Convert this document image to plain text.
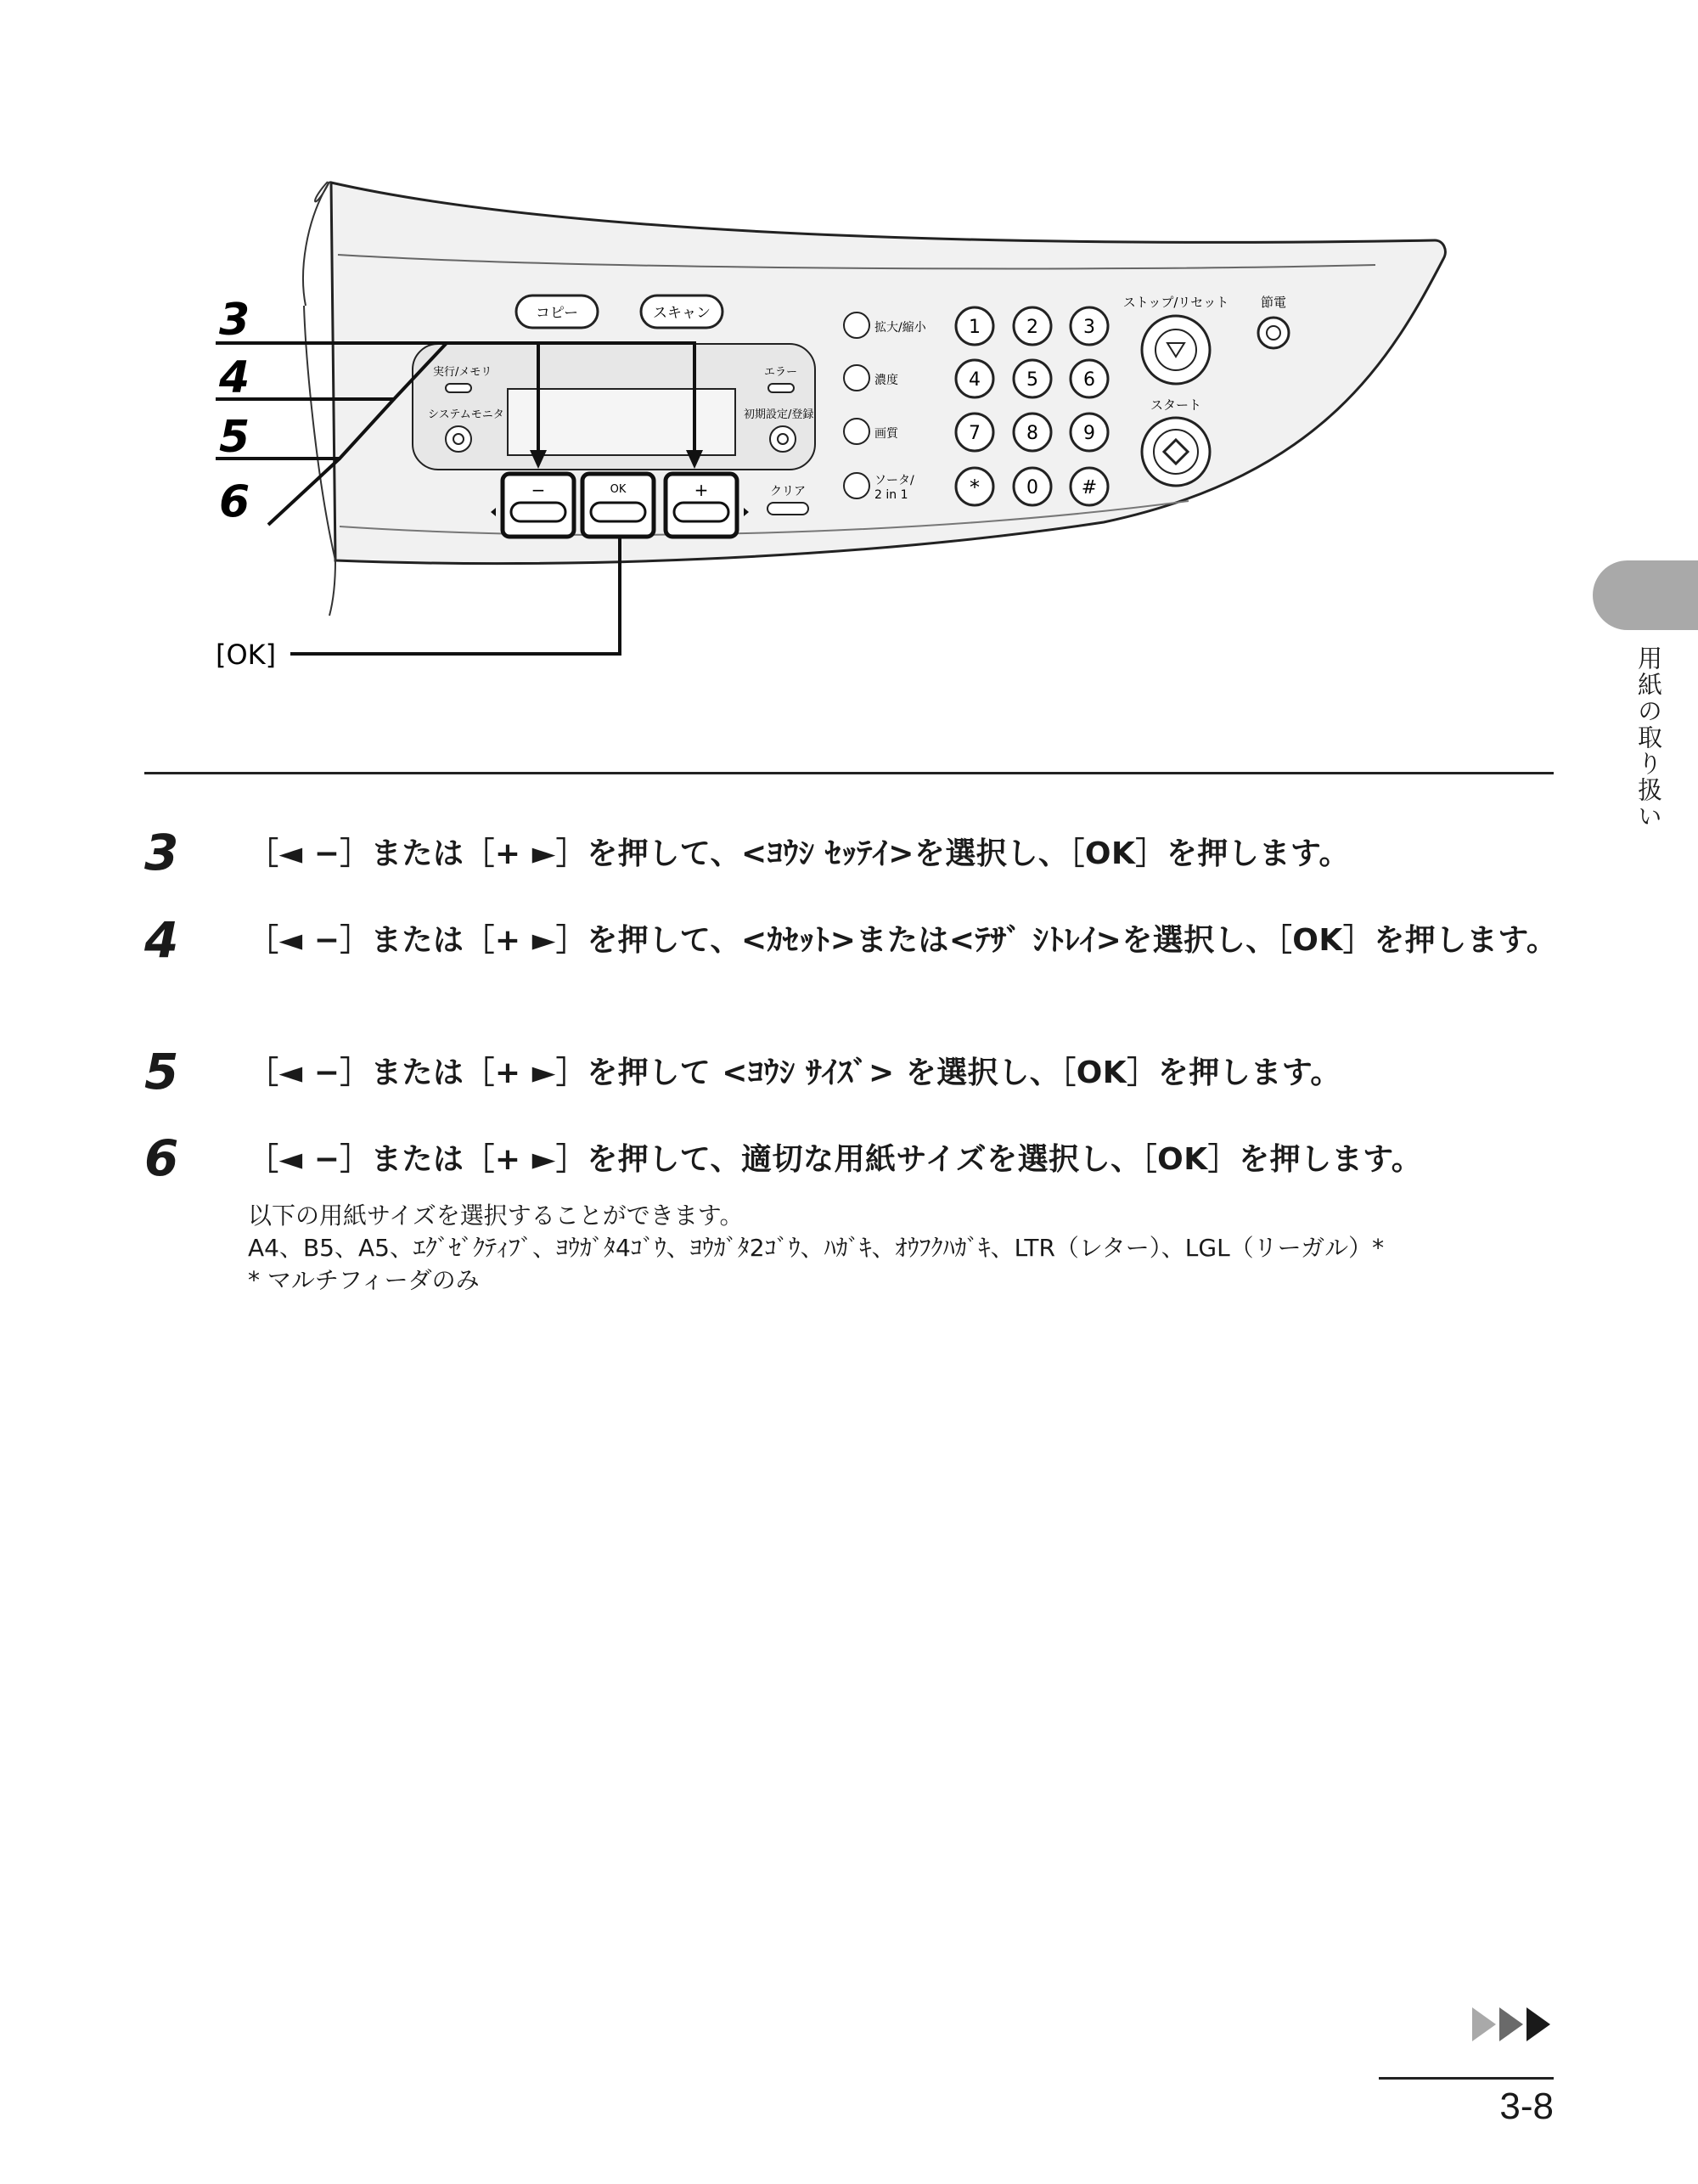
コピー	スキャン
実行/メモリ
システムモニタ
エラー
初期設定/登録
−	OK	+	クリア
拡大/縮小
濃度
画質
ソータ/
2 in 1
1 2 3
4 5 6
7 8 9
*	0 #
ストップ/リセット	節電
スタート
3
4
5
6
[OK]
3 ［◄ −］または［+ ►］を押して、<ﾖｳｼ ｾｯﾃｲ>を選択し、［OK］を押します。
4 ［◄ −］または［+ ►］を押して、<ｶｾｯﾄ>または<ﾃｻﾞ ｼﾄﾚｲ>を選択し、［OK］を押します。
5 ［◄ −］または［+ ►］を押して <ﾖｳｼ ｻｲｽﾞ> を選択し、［OK］を押します。
6 ［◄ −］または［+ ►］を押して、適切な用紙サイズを選択し、［OK］を押します。
以下の用紙サイズを選択することができます。
A4、B5、A5、ｴｸﾞｾﾞｸﾃｨﾌﾞ、ﾖｳｶﾞﾀ4ｺﾞｳ、ﾖｳｶﾞﾀ2ｺﾞｳ、ﾊｶﾞｷ、ｵｳﾌｸﾊｶﾞｷ、LTR（レター）、LGL（リーガル）*
* マルチフィーダのみ
用紙の取り扱い
3-8
